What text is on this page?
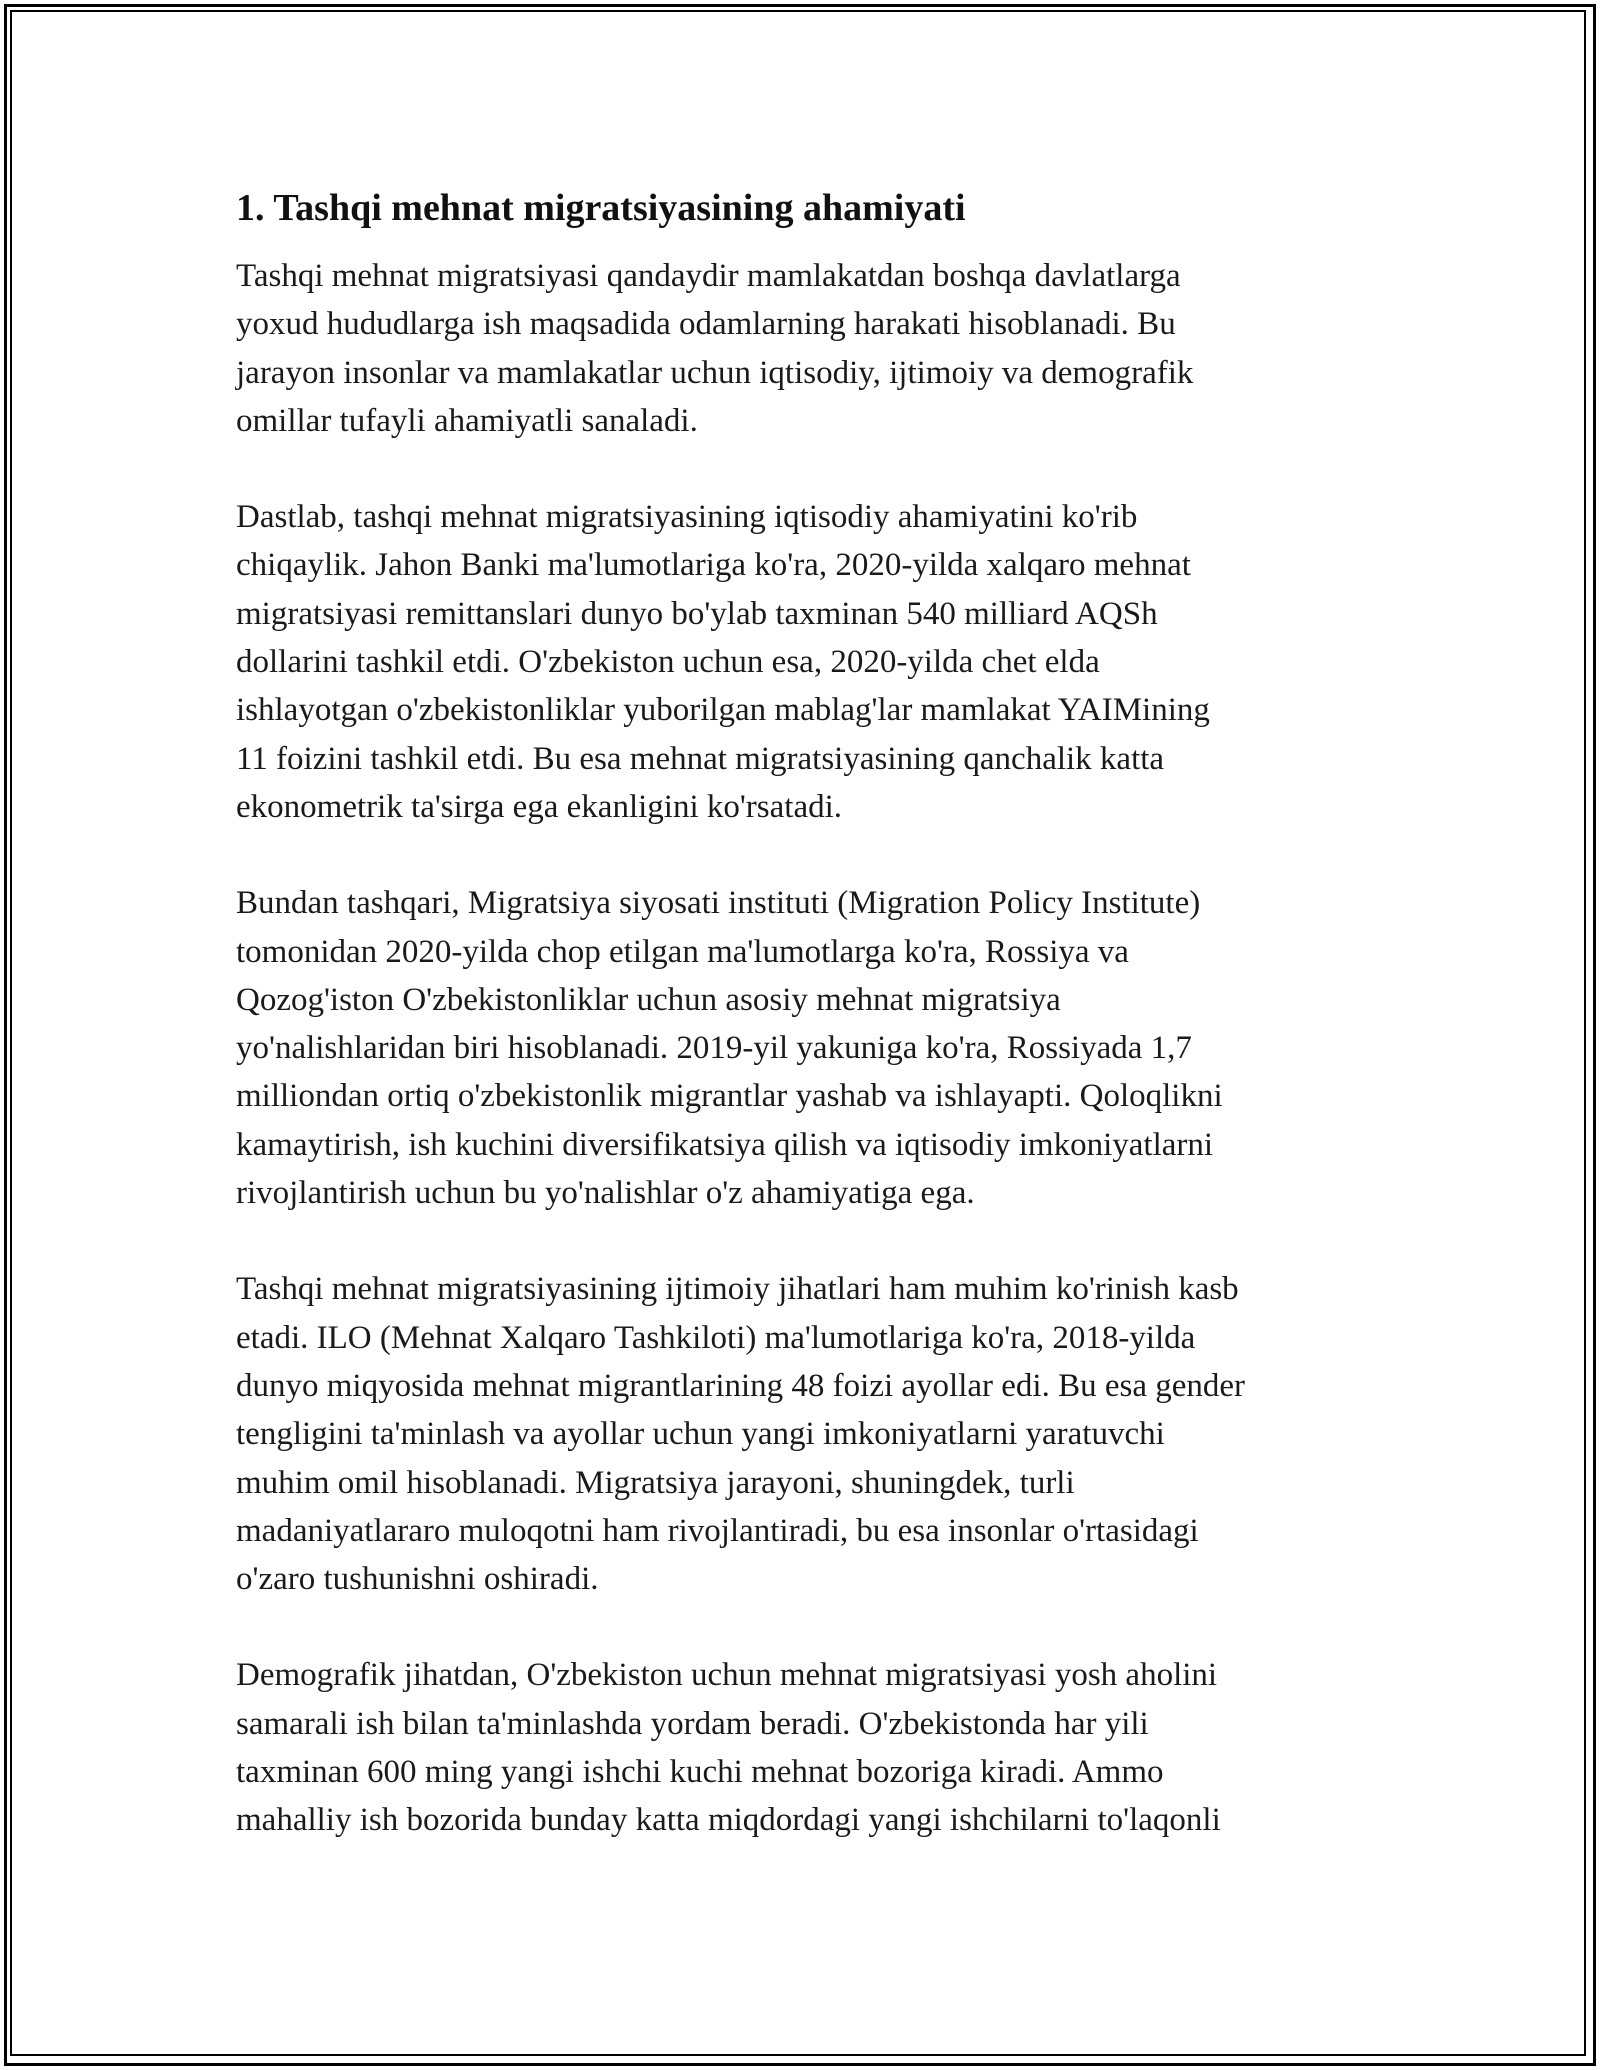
1. Tashqi mehnat migratsiyasining ahamiyati

Tashqi mehnat migratsiyasi qandaydir mamlakatdan boshqa davlatlarga
yoxud hududlarga ish maqsadida odamlarning harakati hisoblanadi. Bu
jarayon insonlar va mamlakatlar uchun iqtisodiy, ijtimoiy va demografik
omillar tufayli ahamiyatli sanaladi.

Dastlab, tashqi mehnat migratsiyasining iqtisodiy ahamiyatini ko'rib
chiqaylik. Jahon Banki ma'lumotlariga ko'ra, 2020-yilda xalqaro mehnat
migratsiyasi remittanslari dunyo bo'ylab taxminan 540 milliard AQSh
dollarini tashkil etdi. O'zbekiston uchun esa, 2020-yilda chet elda
ishlayotgan o'zbekistonliklar yuborilgan mablag'lar mamlakat YAIMining
11 foizini tashkil etdi. Bu esa mehnat migratsiyasining qanchalik katta
ekonometrik ta'sirga ega ekanligini ko'rsatadi.

Bundan tashqari, Migratsiya siyosati instituti (Migration Policy Institute)
tomonidan 2020-yilda chop etilgan ma'lumotlarga ko'ra, Rossiya va
Qozog'iston O'zbekistonliklar uchun asosiy mehnat migratsiya
yo'nalishlaridan biri hisoblanadi. 2019-yil yakuniga ko'ra, Rossiyada 1,7
milliondan ortiq o'zbekistonlik migrantlar yashab va ishlayapti. Qoloqlikni
kamaytirish, ish kuchini diversifikatsiya qilish va iqtisodiy imkoniyatlarni
rivojlantirish uchun bu yo'nalishlar o'z ahamiyatiga ega.

Tashqi mehnat migratsiyasining ijtimoiy jihatlari ham muhim ko'rinish kasb
etadi. ILO (Mehnat Xalqaro Tashkiloti) ma'lumotlariga ko'ra, 2018-yilda
dunyo miqyosida mehnat migrantlarining 48 foizi ayollar edi. Bu esa gender
tengligini ta'minlash va ayollar uchun yangi imkoniyatlarni yaratuvchi
muhim omil hisoblanadi. Migratsiya jarayoni, shuningdek, turli
madaniyatlararo muloqotni ham rivojlantiradi, bu esa insonlar o'rtasidagi
o'zaro tushunishni oshiradi.

Demografik jihatdan, O'zbekiston uchun mehnat migratsiyasi yosh aholini
samarali ish bilan ta'minlashda yordam beradi. O'zbekistonda har yili
taxminan 600 ming yangi ishchi kuchi mehnat bozoriga kiradi. Ammo
mahalliy ish bozorida bunday katta miqdordagi yangi ishchilarni to'laqonli
